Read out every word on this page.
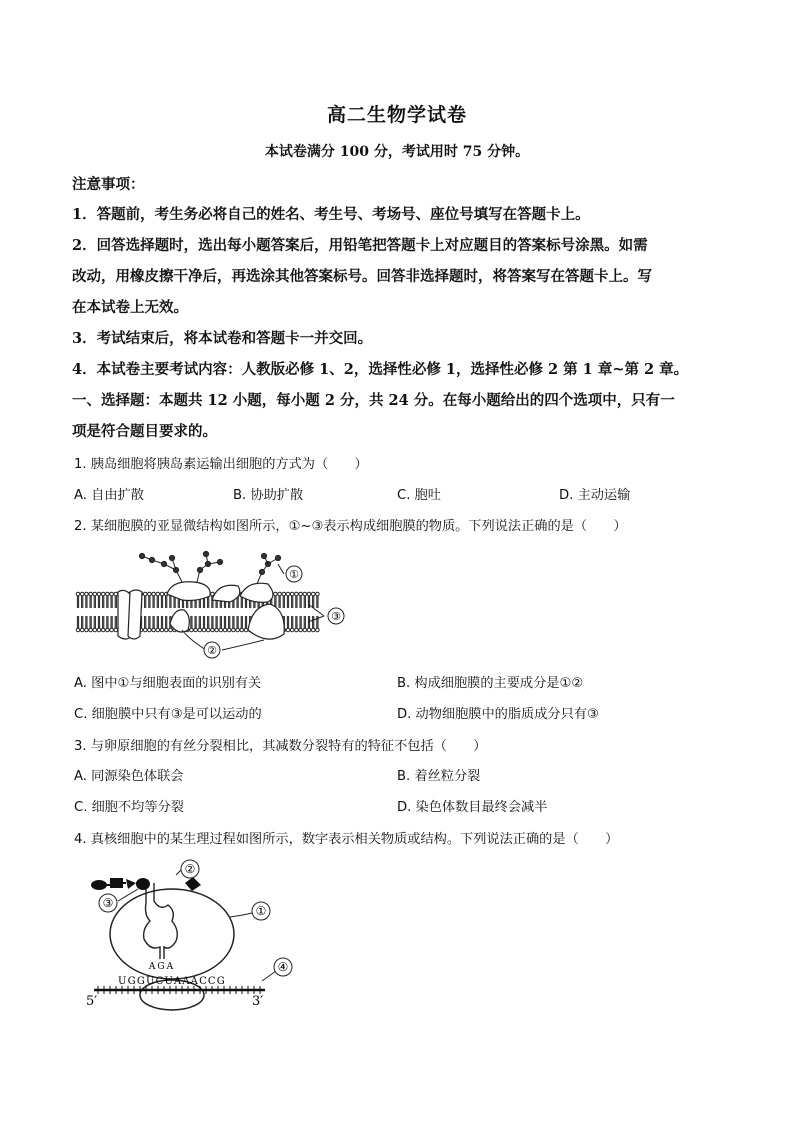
高二生物学试卷
本试卷满分 100 分，考试用时 75 分钟。
注意事项：
1．答题前，考生务必将自己的姓名、考生号、考场号、座位号填写在答题卡上。
2．回答选择题时，选出每小题答案后，用铅笔把答题卡上对应题目的答案标号涂黑。如需
改动，用橡皮擦干净后，再选涂其他答案标号。回答非选择题时，将答案写在答题卡上。写
在本试卷上无效。
3．考试结束后，将本试卷和答题卡一并交回。
4．本试卷主要考试内容：人教版必修 1、2，选择性必修 1，选择性必修 2 第 1 章~第 2 章。
一、选择题：本题共 12 小题，每小题 2 分，共 24 分。在每小题给出的四个选项中，只有一
项是符合题目要求的。
1. 胰岛细胞将胰岛素运输出细胞的方式为（　　）
A. 自由扩散	B. 协助扩散	C. 胞吐	D. 主动运输
2. 某细胞膜的亚显微结构如图所示，①~③表示构成细胞膜的物质。下列说法正确的是（　　）
①
②
③
A. 图中①与细胞表面的识别有关	B. 构成细胞膜的主要成分是①②
C. 细胞膜中只有③是可以运动的	D. 动物细胞膜中的脂质成分只有③
3. 与卵原细胞的有丝分裂相比，其减数分裂特有的特征不包括（　　）
A. 同源染色体联会	B. 着丝粒分裂
C. 细胞不均等分裂	D. 染色体数目最终会减半
4. 真核细胞中的某生理过程如图所示，数字表示相关物质或结构。下列说法正确的是（　　）
①
②
③
④
AGA
UGGUCUAAACCG
5′	3′
